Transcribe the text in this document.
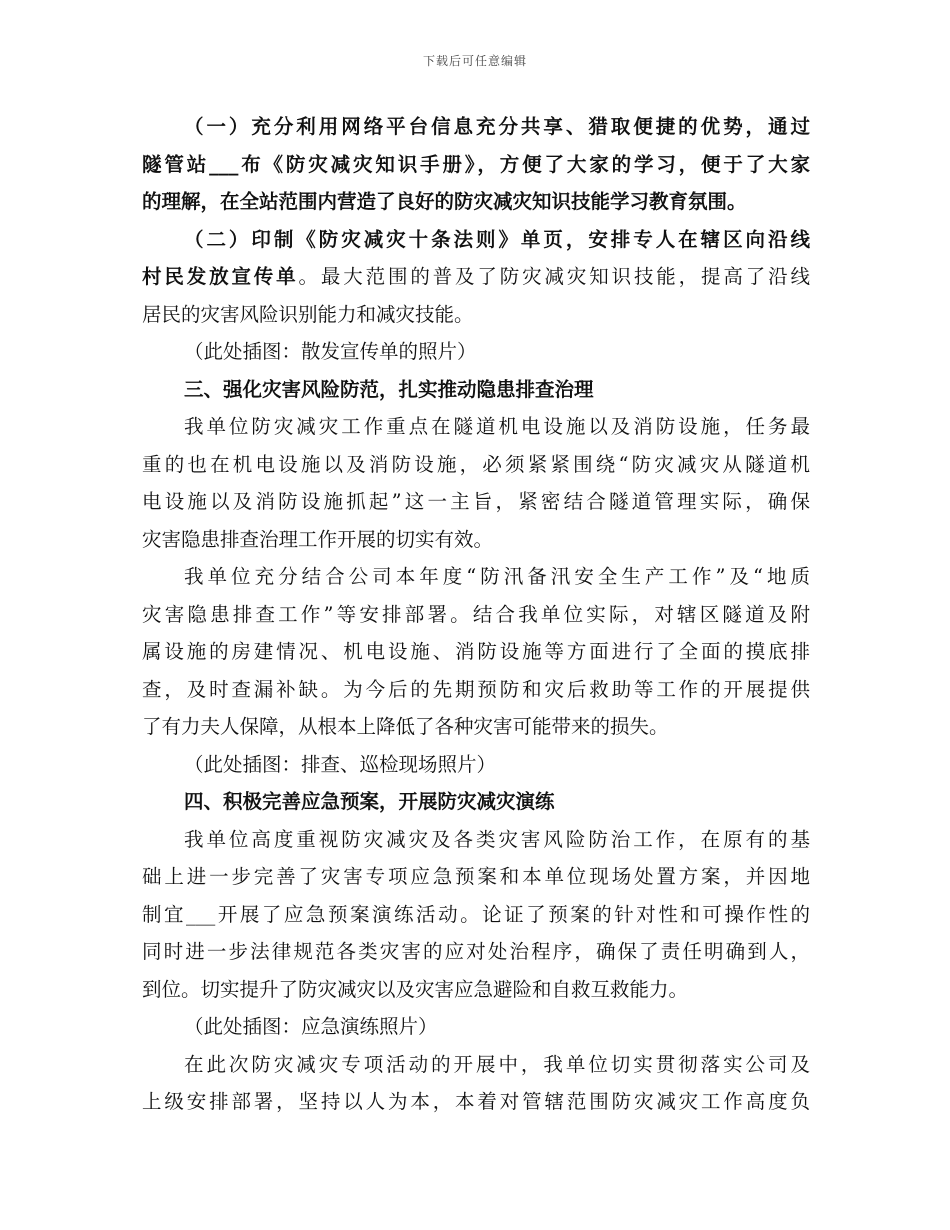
下载后可任意编辑
（一）充分利用网络平台信息充分共享、猎取便捷的优势，通过
隧管站___布《防灾减灾知识手册》，方便了大家的学习，便于了大家
的理解，在全站范围内营造了良好的防灾减灾知识技能学习教育氛围。
（二）印制《防灾减灾十条法则》单页，安排专人在辖区向沿线
村民发放宣传单。最大范围的普及了防灾减灾知识技能，提高了沿线
居民的灾害风险识别能力和减灾技能。
（此处插图：散发宣传单的照片）
三、强化灾害风险防范，扎实推动隐患排查治理
我单位防灾减灾工作重点在隧道机电设施以及消防设施，任务最
重的也在机电设施以及消防设施，必须紧紧围绕“防灾减灾从隧道机
电设施以及消防设施抓起”这一主旨，紧密结合隧道管理实际，确保
灾害隐患排查治理工作开展的切实有效。
我单位充分结合公司本年度“防汛备汛安全生产工作”及“地质
灾害隐患排查工作”等安排部署。结合我单位实际，对辖区隧道及附
属设施的房建情况、机电设施、消防设施等方面进行了全面的摸底排
查，及时查漏补缺。为今后的先期预防和灾后救助等工作的开展提供
了有力夫人保障，从根本上降低了各种灾害可能带来的损失。
（此处插图：排查、巡检现场照片）
四、积极完善应急预案，开展防灾减灾演练
我单位高度重视防灾减灾及各类灾害风险防治工作，在原有的基
础上进一步完善了灾害专项应急预案和本单位现场处置方案，并因地
制宜___开展了应急预案演练活动。论证了预案的针对性和可操作性的
同时进一步法律规范各类灾害的应对处治程序，确保了责任明确到人，
到位。切实提升了防灾减灾以及灾害应急避险和自救互救能力。
（此处插图：应急演练照片）
在此次防灾减灾专项活动的开展中，我单位切实贯彻落实公司及
上级安排部署，坚持以人为本，本着对管辖范围防灾减灾工作高度负
